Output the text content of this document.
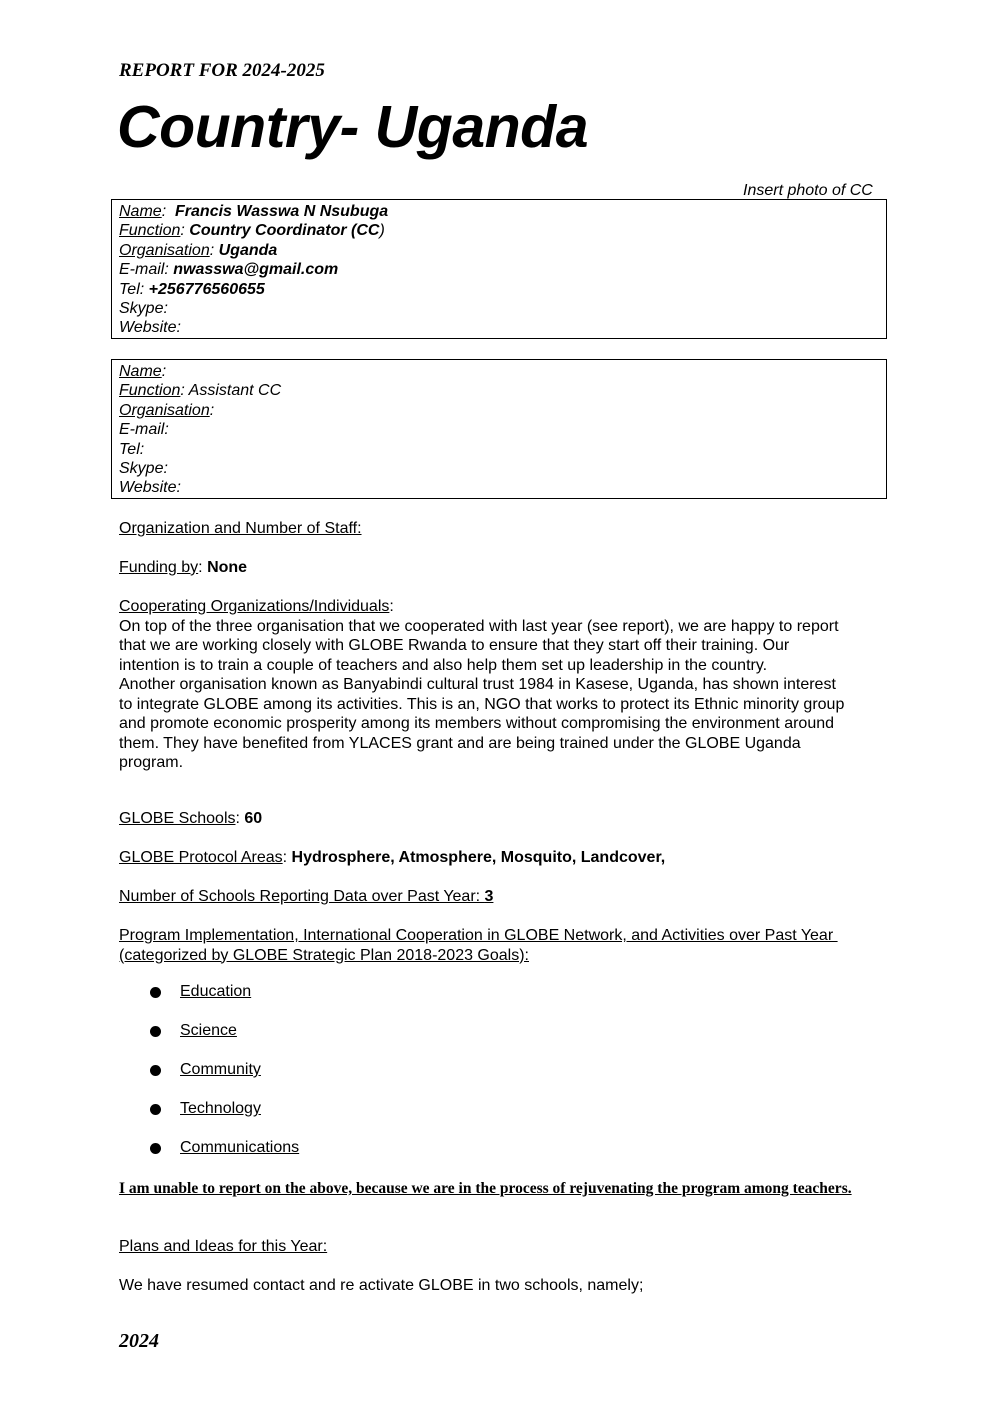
REPORT FOR 2024-2025
Country- Uganda
Insert photo of CC
Name:  Francis Wasswa N Nsubuga
Function: Country Coordinator (CC)
Organisation: Uganda
E-mail: nwasswa@gmail.com
Tel: +256776560655
Skype:
Website:
Name:
Function: Assistant CC
Organisation:
E-mail:
Tel:
Skype:
Website:
Organization and Number of Staff:
Funding by: None
Cooperating Organizations/Individuals:
On top of the three organisation that we cooperated with last year (see report), we are happy to report
that we are working closely with GLOBE Rwanda to ensure that they start off their training. Our
intention is to train a couple of teachers and also help them set up leadership in the country.
Another organisation known as Banyabindi cultural trust 1984 in Kasese, Uganda, has shown interest
to integrate GLOBE among its activities. This is an, NGO that works to protect its Ethnic minority group
and promote economic prosperity among its members without compromising the environment around
them. They have benefited from YLACES grant and are being trained under the GLOBE Uganda
program.
GLOBE Schools: 60
GLOBE Protocol Areas: Hydrosphere, Atmosphere, Mosquito, Landcover,
Number of Schools Reporting Data over Past Year: 3
Program Implementation, International Cooperation in GLOBE Network, and Activities over Past Year
(categorized by GLOBE Strategic Plan 2018-2023 Goals):
Education
Science
Community
Technology
Communications
I am unable to report on the above, because we are in the process of rejuvenating the program among teachers.
Plans and Ideas for this Year:
We have resumed contact and re activate GLOBE in two schools, namely;
2024
